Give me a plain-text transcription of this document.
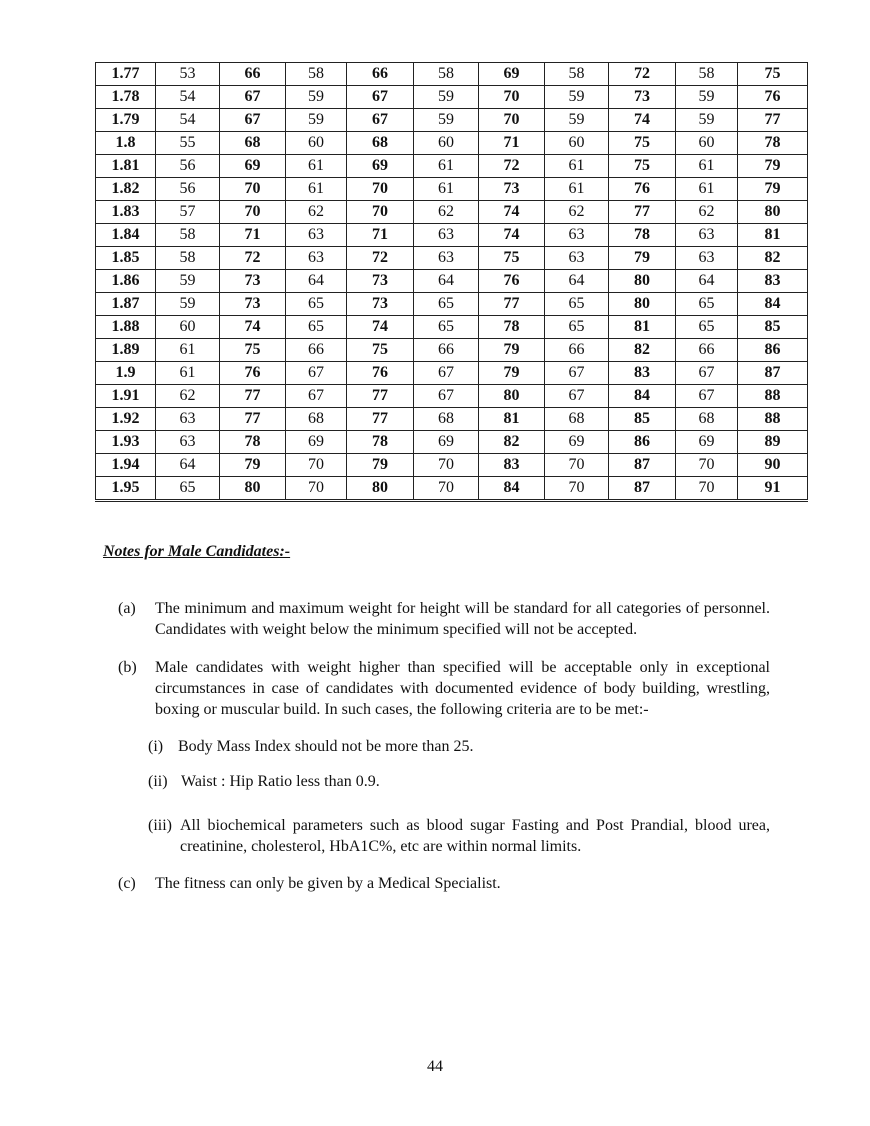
1.77	53	66	58	66	58	69	58	72	58	75
1.78	54	67	59	67	59	70	59	73	59	76
1.79	54	67	59	67	59	70	59	74	59	77
1.8	55	68	60	68	60	71	60	75	60	78
1.81	56	69	61	69	61	72	61	75	61	79
1.82	56	70	61	70	61	73	61	76	61	79
1.83	57	70	62	70	62	74	62	77	62	80
1.84	58	71	63	71	63	74	63	78	63	81
1.85	58	72	63	72	63	75	63	79	63	82
1.86	59	73	64	73	64	76	64	80	64	83
1.87	59	73	65	73	65	77	65	80	65	84
1.88	60	74	65	74	65	78	65	81	65	85
1.89	61	75	66	75	66	79	66	82	66	86
1.9	61	76	67	76	67	79	67	83	67	87
1.91	62	77	67	77	67	80	67	84	67	88
1.92	63	77	68	77	68	81	68	85	68	88
1.93	63	78	69	78	69	82	69	86	69	89
1.94	64	79	70	79	70	83	70	87	70	90
1.95	65	80	70	80	70	84	70	87	70	91

Notes for Male Candidates:-

(a) The minimum and maximum weight for height will be standard for all categories of personnel. Candidates with weight below the minimum specified will not be accepted.
(b) Male candidates with weight higher than specified will be acceptable only in exceptional circumstances in case of candidates with documented evidence of body building, wrestling, boxing or muscular build. In such cases, the following criteria are to be met:-
(i) Body Mass Index should not be more than 25.
(ii) Waist : Hip Ratio less than 0.9.
(iii) All biochemical parameters such as blood sugar Fasting and Post Prandial, blood urea, creatinine, cholesterol, HbA1C%, etc are within normal limits.
(c) The fitness can only be given by a Medical Specialist.
44
